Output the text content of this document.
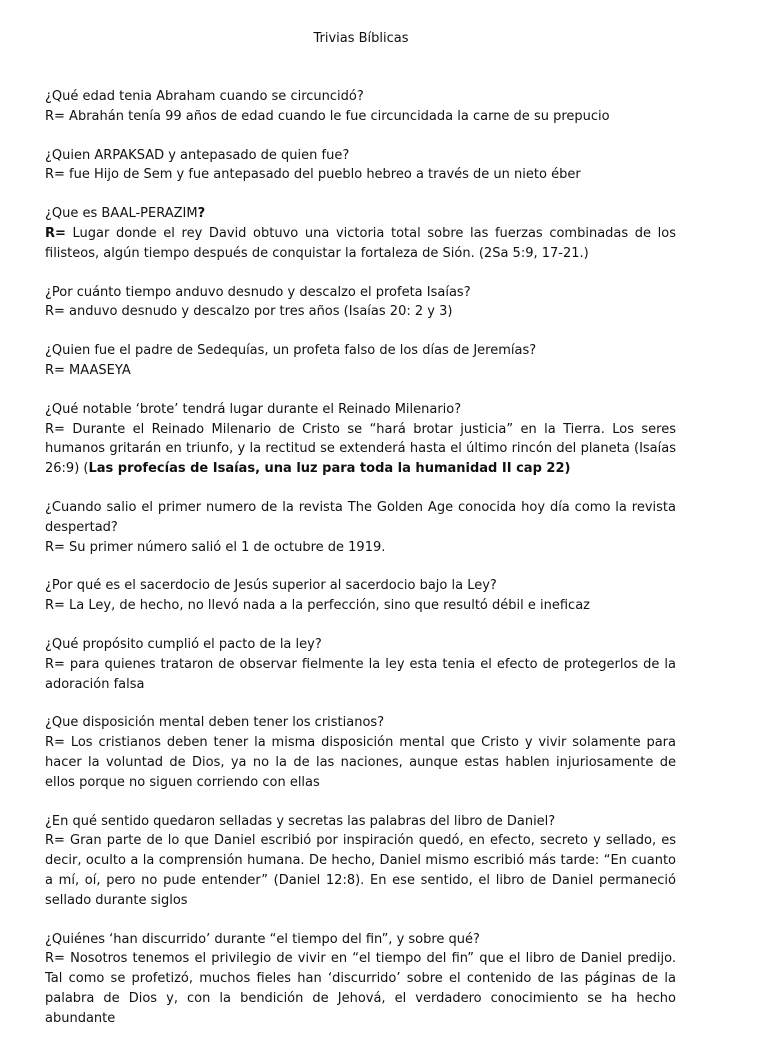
Trivias Bíblicas

¿Qué edad tenia Abraham cuando se circuncidó?

R= Abrahán tenía 99 años de edad cuando le fue circuncidada la carne de su prepucio

¿Quien ARPAKSAD y antepasado de quien fue?

R= fue Hijo de Sem y fue antepasado del pueblo hebreo a través de un nieto éber

¿Que es BAAL-PERAZIM?

R= Lugar donde el rey David obtuvo una victoria total sobre las fuerzas combinadas de los filisteos, algún tiempo después de conquistar la fortaleza de Sión. (2Sa 5:9, 17-21.)

¿Por cuánto tiempo anduvo desnudo y descalzo el profeta Isaías?

R= anduvo desnudo y descalzo por tres años (Isaías 20: 2 y 3)

¿Quien fue el padre de Sedequías, un profeta falso de los días de Jeremías?

R= MAASEYA

¿Qué notable ‘brote’ tendrá lugar durante el Reinado Milenario?

R= Durante el Reinado Milenario de Cristo se “hará brotar justicia” en la Tierra. Los seres humanos gritarán en triunfo, y la rectitud se extenderá hasta el último rincón del planeta (Isaías 26:9) (Las profecías de Isaías, una luz para toda la humanidad II cap 22)

¿Cuando salio el primer numero de la revista The Golden Age conocida hoy día como la revista despertad?

R= Su primer número salió el 1 de octubre de 1919.

¿Por qué es el sacerdocio de Jesús superior al sacerdocio bajo la Ley?

R= La Ley, de hecho, no llevó nada a la perfección, sino que resultó débil e ineficaz

¿Qué propósito cumplió el pacto de la ley?

R= para quienes trataron de observar fielmente la ley esta tenia el efecto de protegerlos de la adoración falsa

¿Que disposición mental deben tener los cristianos?

R= Los cristianos deben tener la misma disposición mental que Cristo y vivir solamente para hacer la voluntad de Dios, ya no la de las naciones, aunque estas hablen injuriosamente de ellos porque no siguen corriendo con ellas

¿En qué sentido quedaron selladas y secretas las palabras del libro de Daniel?

R= Gran parte de lo que Daniel escribió por inspiración quedó, en efecto, secreto y sellado, es decir, oculto a la comprensión humana. De hecho, Daniel mismo escribió más tarde: “En cuanto a mí, oí, pero no pude entender” (Daniel 12:8). En ese sentido, el libro de Daniel permaneció sellado durante siglos

¿Quiénes ‘han discurrido’ durante “el tiempo del fin”, y sobre qué?

R= Nosotros tenemos el privilegio de vivir en “el tiempo del fin” que el libro de Daniel predijo. Tal como se profetizó, muchos fieles han ‘discurrido’ sobre el contenido de las páginas de la palabra de Dios y, con la bendición de Jehová, el verdadero conocimiento se ha hecho abundante
